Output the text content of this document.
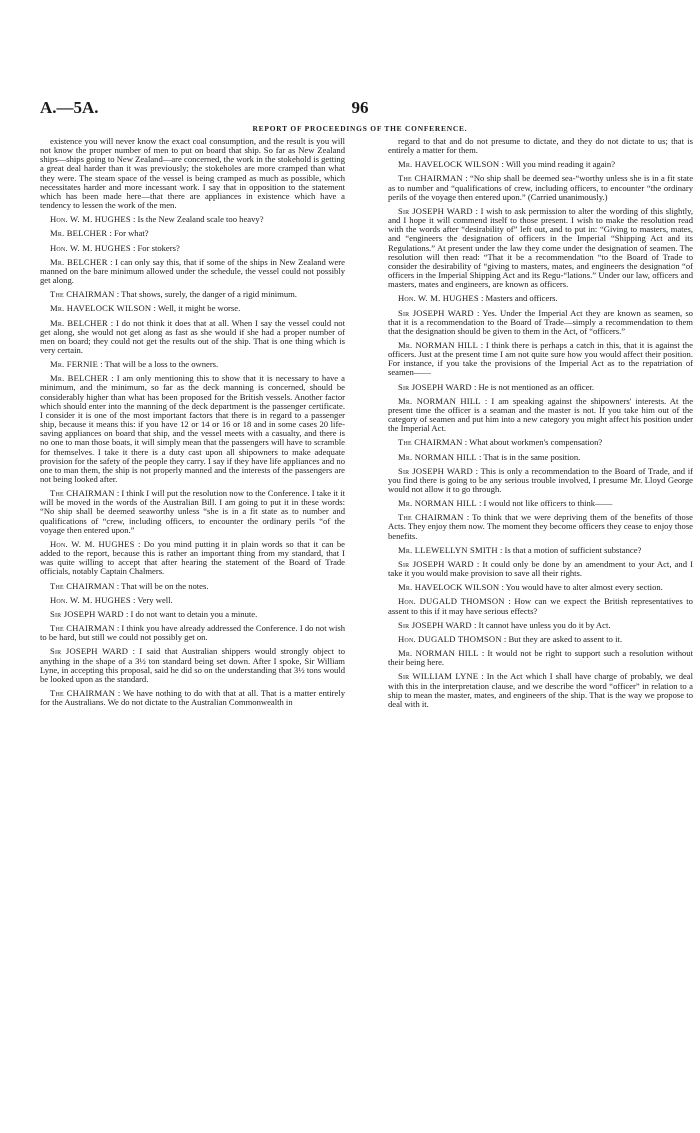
A.—5A.	96
REPORT OF PROCEEDINGS OF THE CONFERENCE.

existence you will never know the exact coal consumption, and the result is you will not know the proper number of men to put on board that ship. So far as New Zealand ships—ships going to New Zealand—are concerned, the work in the stokehold is getting a great deal harder than it was previously; the stokeholes are more cramped than what they were. The steam space of the vessel is being cramped as much as possible, which necessitates harder and more incessant work. I say that in opposition to the statement which has been made here—that there are appliances in existence which have a tendency to lessen the work of the men.

Hon. W. M. HUGHES : Is the New Zealand scale too heavy?

Mr. BELCHER : For what?

Hon. W. M. HUGHES : For stokers?

Mr. BELCHER : I can only say this, that if some of the ships in New Zealand were manned on the bare minimum allowed under the schedule, the vessel could not possibly get along.

The CHAIRMAN : That shows, surely, the danger of a rigid minimum.

Mr. HAVELOCK WILSON : Well, it might be worse.

Mr. BELCHER : I do not think it does that at all. When I say the vessel could not get along, she would not get along as fast as she would if she had a proper number of men on board; they could not get the results out of the ship. That is one thing which is very certain.

Mr. FERNIE : That will be a loss to the owners.

Mr. BELCHER : I am only mentioning this to show that it is necessary to have a minimum, and the minimum, so far as the deck manning is concerned, should be considerably higher than what has been proposed for the British vessels. Another factor which should enter into the manning of the deck department is the passenger certificate. I consider it is one of the most important factors that there is in regard to a passenger ship, because it means this: if you have 12 or 14 or 16 or 18 and in some cases 20 life-saving appliances on board that ship, and the vessel meets with a casualty, and there is no one to man those boats, it will simply mean that the passengers will have to scramble for themselves. I take it there is a duty cast upon all shipowners to make adequate provision for the safety of the people they carry. I say if they have life appliances and no one to man them, the ship is not properly manned and the interests of the passengers are not being looked after.

The CHAIRMAN : I think I will put the resolution now to the Conference. I take it it will be moved in the words of the Australian Bill. I am going to put it in these words: “No ship shall be deemed seaworthy unless “she is in a fit state as to number and qualifications of “crew, including officers, to encounter the ordinary perils “of the voyage then entered upon.”

Hon. W. M. HUGHES : Do you mind putting it in plain words so that it can be added to the report, because this is rather an important thing from my standard, that I was quite willing to accept that after hearing the statement of the Board of Trade officials, notably Captain Chalmers.

The CHAIRMAN : That will be on the notes.

Hon. W. M. HUGHES : Very well.

Sir JOSEPH WARD : I do not want to detain you a minute.

The CHAIRMAN : I think you have already addressed the Conference. I do not wish to be hard, but still we could not possibly get on.

Sir JOSEPH WARD : I said that Australian shippers would strongly object to anything in the shape of a 3½ ton standard being set down. After I spoke, Sir William Lyne, in accepting this proposal, said he did so on the understanding that 3½ tons would be looked upon as the standard.

The CHAIRMAN : We have nothing to do with that at all. That is a matter entirely for the Australians. We do not dictate to the Australian Commonwealth in

regard to that and do not presume to dictate, and they do not dictate to us; that is entirely a matter for them.

Mr. HAVELOCK WILSON : Will you mind reading it again?

The CHAIRMAN : “No ship shall be deemed sea-“worthy unless she is in a fit state as to number and “qualifications of crew, including officers, to encounter “the ordinary perils of the voyage then entered upon.” (Carried unanimously.)

Sir JOSEPH WARD : I wish to ask permission to alter the wording of this slightly, and I hope it will commend itself to those present. I wish to make the resolution read with the words after “desirability of” left out, and to put in: “Giving to masters, mates, and “engineers the designation of officers in the Imperial “Shipping Act and its Regulations.” At present under the law they come under the designation of seamen. The resolution will then read: “That it be a recommendation “to the Board of Trade to consider the desirability of “giving to masters, mates, and engineers the designation “of officers in the Imperial Shipping Act and its Regu-“lations.” Under our law, officers and masters, mates and engineers, are known as officers.

Hon. W. M. HUGHES : Masters and officers.

Sir JOSEPH WARD : Yes. Under the Imperial Act they are known as seamen, so that it is a recommendation to the Board of Trade—simply a recommendation to them that the designation should be given to them in the Act, of “officers.”

Mr. NORMAN HILL : I think there is perhaps a catch in this, that it is against the officers. Just at the present time I am not quite sure how you would affect their position. For instance, if you take the provisions of the Imperial Act as to the repatriation of seamen——

Sir JOSEPH WARD : He is not mentioned as an officer.

Mr. NORMAN HILL : I am speaking against the shipowners' interests. At the present time the officer is a seaman and the master is not. If you take him out of the category of seamen and put him into a new category you might affect his position under the Imperial Act.

The CHAIRMAN : What about workmen's compensation?

Mr. NORMAN HILL : That is in the same position.

Sir JOSEPH WARD : This is only a recommendation to the Board of Trade, and if you find there is going to be any serious trouble involved, I presume Mr. Lloyd George would not allow it to go through.

Mr. NORMAN HILL : I would not like officers to think——

The CHAIRMAN : To think that we were depriving them of the benefits of those Acts. They enjoy them now. The moment they become officers they cease to enjoy those benefits.

Mr. LLEWELLYN SMITH : Is that a motion of sufficient substance?

Sir JOSEPH WARD : It could only be done by an amendment to your Act, and I take it you would make provision to save all their rights.

Mr. HAVELOCK WILSON : You would have to alter almost every section.

Hon. DUGALD THOMSON : How can we expect the British representatives to assent to this if it may have serious effects?

Sir JOSEPH WARD : It cannot have unless you do it by Act.

Hon. DUGALD THOMSON : But they are asked to assent to it.

Mr. NORMAN HILL : It would not be right to support such a resolution without their being here.

Sir WILLIAM LYNE : In the Act which I shall have charge of probably, we deal with this in the interpretation clause, and we describe the word “officer” in relation to a ship to mean the master, mates, and engineers of the ship. That is the way we propose to deal with it.
